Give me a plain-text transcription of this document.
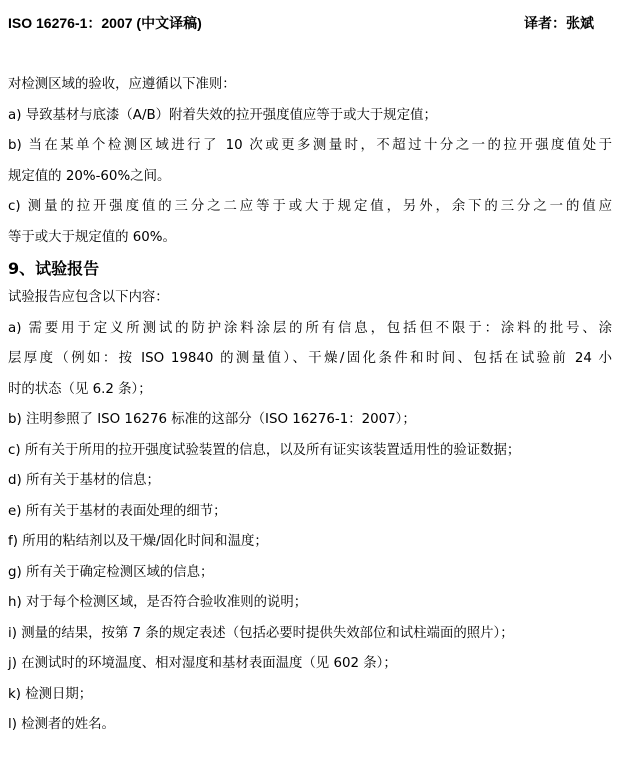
ISO 16276-1：2007 (中文译稿)	译者：张斌

对检测区域的验收，应遵循以下准则：

a) 导致基材与底漆（A/B）附着失效的拉开强度值应等于或大于规定值；

b) 当在某单个检测区域进行了 10 次或更多测量时，不超过十分之一的拉开强度值处于
规定值的 20%-60%之间。
c) 测量的拉开强度值的三分之二应等于或大于规定值，另外，余下的三分之一的值应
等于或大于规定值的 60%。
9、试验报告

试验报告应包含以下内容：

a) 需要用于定义所测试的防护涂料涂层的所有信息，包括但不限于：涂料的批号、涂
层厚度（例如：按 ISO 19840 的测量值）、干燥/固化条件和时间、包括在试验前 24 小
时的状态（见 6.2 条）；

b) 注明参照了 ISO 16276 标准的这部分（ISO 16276-1：2007）；

c) 所有关于所用的拉开强度试验装置的信息，以及所有证实该装置适用性的验证数据；

d) 所有关于基材的信息；

e) 所有关于基材的表面处理的细节；

f) 所用的粘结剂以及干燥/固化时间和温度；

g) 所有关于确定检测区域的信息；

h) 对于每个检测区域，是否符合验收准则的说明；

i) 测量的结果，按第 7 条的规定表述（包括必要时提供失效部位和试柱端面的照片）；

j) 在测试时的环境温度、相对湿度和基材表面温度（见 602 条）；

k) 检测日期；

l) 检测者的姓名。
